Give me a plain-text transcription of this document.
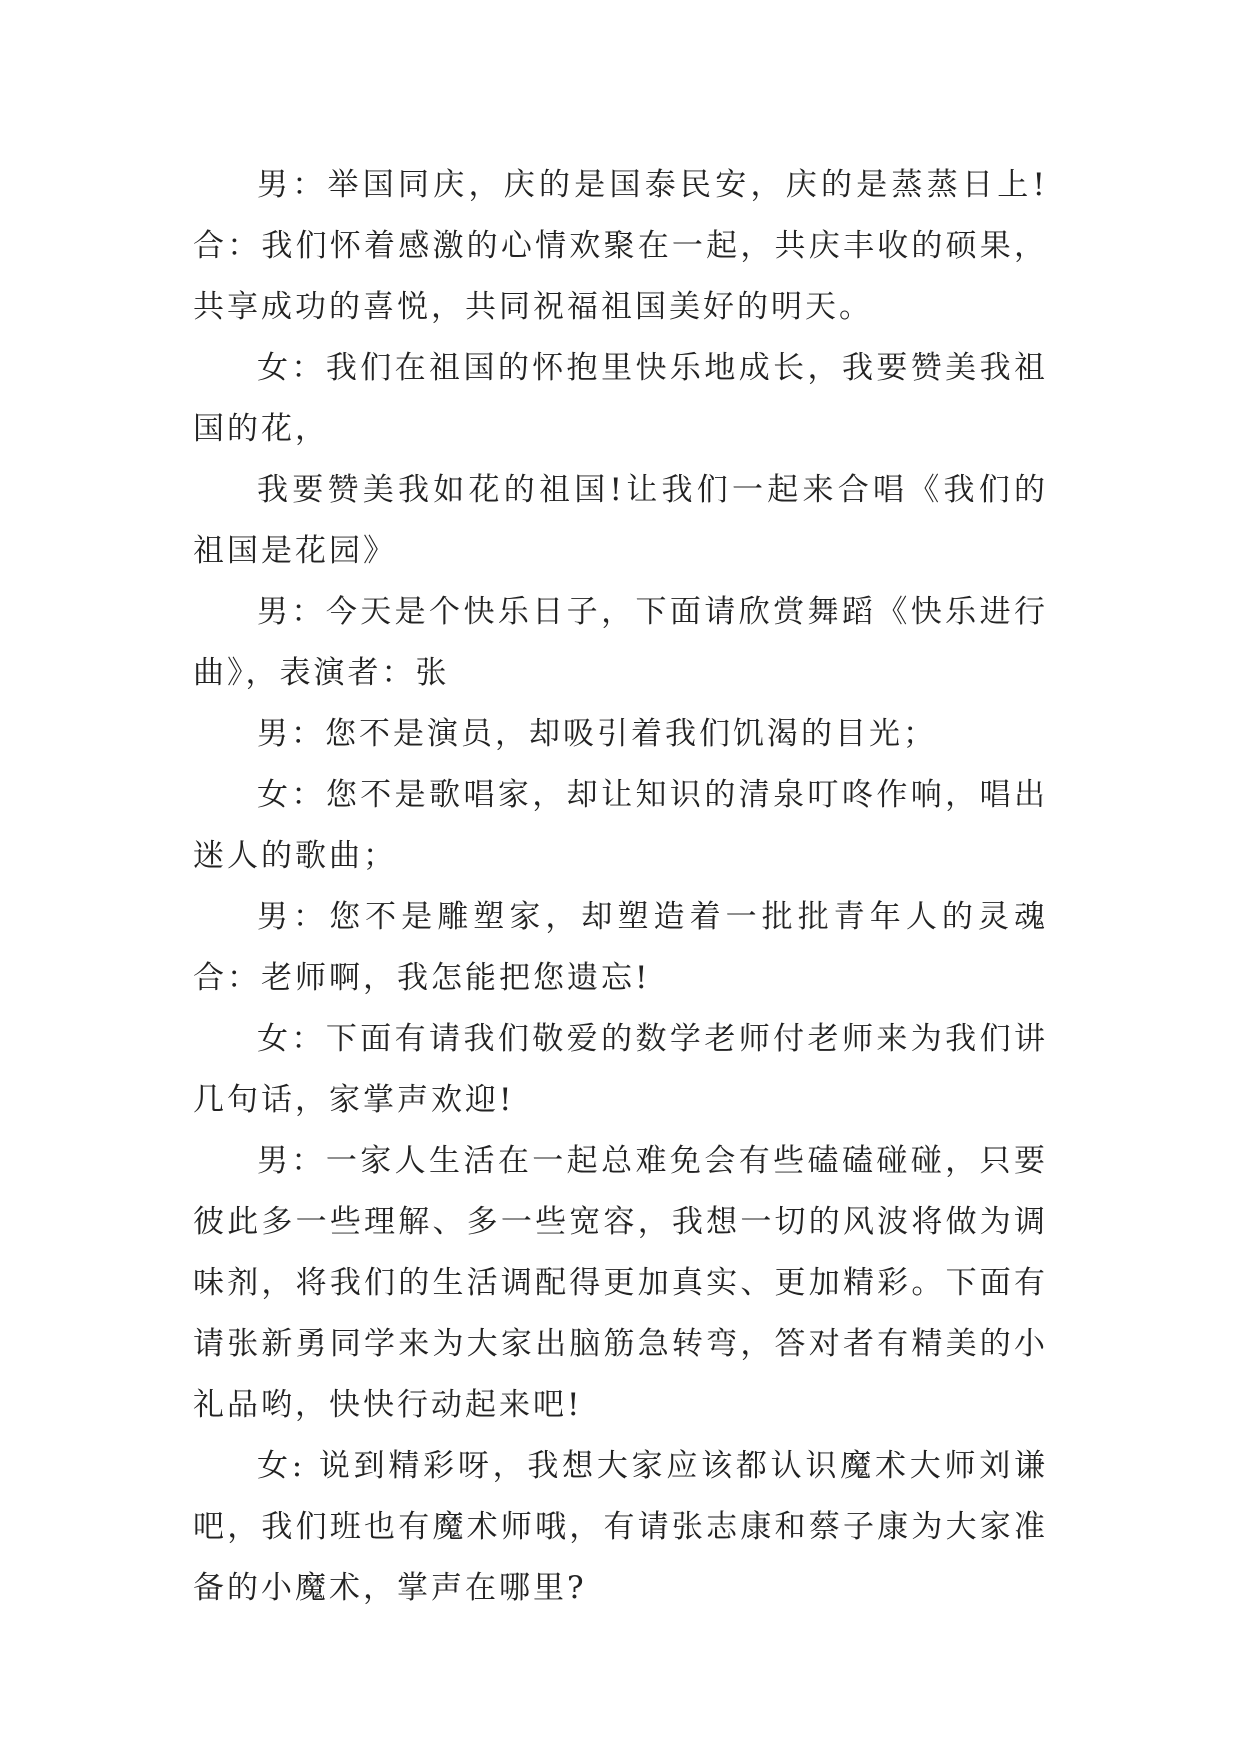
男：举国同庆，庆的是国泰民安，庆的是蒸蒸日上!合：我们怀着感激的心情欢聚在一起，共庆丰收的硕果，共享成功的喜悦，共同祝福祖国美好的明天。

女：我们在祖国的怀抱里快乐地成长，我要赞美我祖国的花，

我要赞美我如花的祖国!让我们一起来合唱《我们的祖国是花园》

男：今天是个快乐日子，下面请欣赏舞蹈《快乐进行曲》，表演者：张

男：您不是演员，却吸引着我们饥渴的目光；

女：您不是歌唱家，却让知识的清泉叮咚作响，唱出迷人的歌曲；

男：您不是雕塑家，却塑造着一批批青年人的灵魂合：老师啊，我怎能把您遗忘!

女：下面有请我们敬爱的数学老师付老师来为我们讲几句话，家掌声欢迎!

男：一家人生活在一起总难免会有些磕磕碰碰，只要彼此多一些理解、多一些宽容，我想一切的风波将做为调味剂，将我们的生活调配得更加真实、更加精彩。下面有请张新勇同学来为大家出脑筋急转弯，答对者有精美的小礼品哟，快快行动起来吧!

女: 说到精彩呀，我想大家应该都认识魔术大师刘谦吧，我们班也有魔术师哦，有请张志康和蔡子康为大家准备的小魔术，掌声在哪里?
